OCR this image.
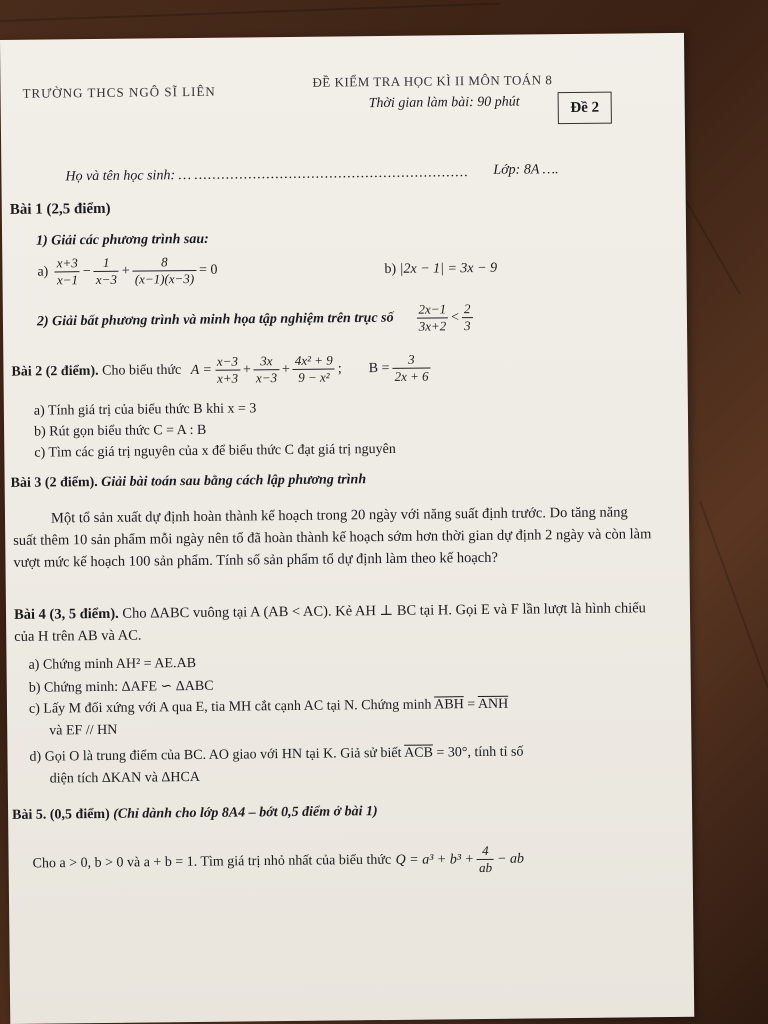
TRƯỜNG THCS NGÔ SĨ LIÊN
ĐỀ KIỂM TRA HỌC KÌ II MÔN TOÁN 8
Thời gian làm bài: 90 phút	Đề 2
Họ và tên học sinh: … ............................................................. Lớp: 8A ….
Bài 1 (2,5 điểm)
1) Giải các phương trình sau:
$a) \frac{x+3}{x-1} - \frac{1}{x-3} + \frac{8}{(x-1)(x-3)} = 0$	b) |2x − 1| = 3x − 9
2) Giải bất phương trình và minh họa tập nghiệm trên trục số $\frac{2x-1}{3x+2} < \frac{2}{3}$
Bài 2 (2 điểm). Cho biểu thức $A = \frac{x-3}{x+3} + \frac{3x}{x-3} + \frac{\text{4x² + 9}}{\text{9 − x²}}$ ; $B = \frac{3}{2x + 6}$
a) Tính giá trị của biểu thức B khi x = 3
b) Rút gọn biểu thức C = A : B
c) Tìm các giá trị nguyên của x để biểu thức C đạt giá trị nguyên
Bài 3 (2 điểm). Giải bài toán sau bằng cách lập phương trình
Một tổ sản xuất dự định hoàn thành kế hoạch trong 20 ngày với năng suất định trước. Do tăng năng suất thêm 10 sản phẩm mỗi ngày nên tổ đã hoàn thành kế hoạch sớm hơn thời gian dự định 2 ngày và còn làm vượt mức kế hoạch 100 sản phẩm. Tính số sản phẩm tổ dự định làm theo kế hoạch?
Bài 4 (3, 5 điểm). Cho ΔABC vuông tại A (AB < AC). Kẻ AH ⊥ BC tại H. Gọi E và F lần lượt là hình chiếu của H trên AB và AC.
a) Chứng minh AH² = AE.AB
b) Chứng minh: ΔAFE ∽ ΔABC
c) Lấy M đối xứng với A qua E, tia MH cắt cạnh AC tại N. Chứng minh $\overline{ABH} = \overline{ANH}$
và EF // HN
d) Gọi O là trung điểm của BC. AO giao với HN tại K. Giả sử biết $\overline{ACB} = 30^\circ$, tính tỉ số
diện tích ΔKAN và ΔHCA
Bài 5. (0,5 điểm) (Chỉ dành cho lớp 8A4 – bớt 0,5 điểm ở bài 1)
Cho a > 0, b > 0 và a + b = 1. Tìm giá trị nhỏ nhất của biểu thức $Q = a^3 + b^3 + \frac{4}{ab}$ − ab
